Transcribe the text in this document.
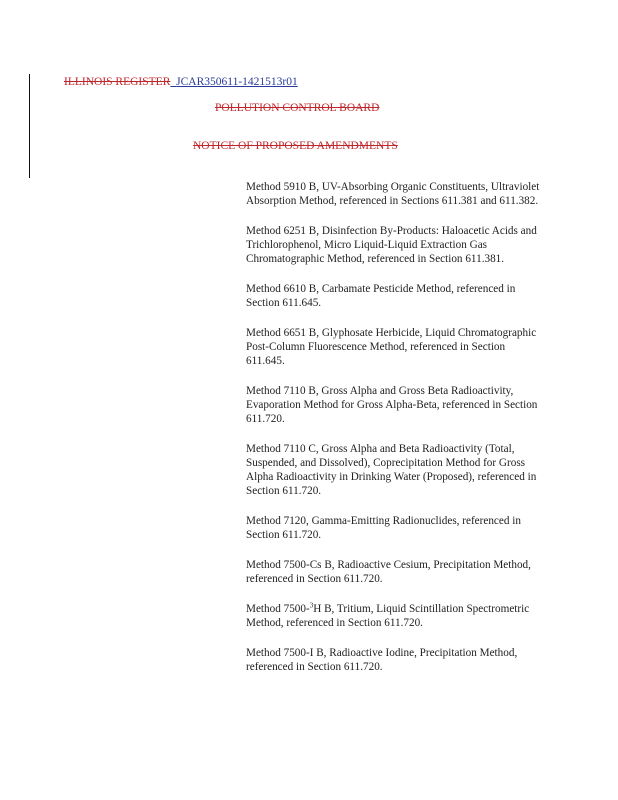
ILLINOIS REGISTER JCAR350611-1421513r01
POLLUTION CONTROL BOARD
NOTICE OF PROPOSED AMENDMENTS

Method 5910 B, UV-Absorbing Organic Constituents, Ultraviolet Absorption Method, referenced in Sections 611.381 and 611.382.

Method 6251 B, Disinfection By-Products: Haloacetic Acids and Trichlorophenol, Micro Liquid-Liquid Extraction Gas Chromatographic Method, referenced in Section 611.381.

Method 6610 B, Carbamate Pesticide Method, referenced in Section 611.645.

Method 6651 B, Glyphosate Herbicide, Liquid Chromatographic Post-Column Fluorescence Method, referenced in Section 611.645.

Method 7110 B, Gross Alpha and Gross Beta Radioactivity, Evaporation Method for Gross Alpha-Beta, referenced in Section 611.720.

Method 7110 C, Gross Alpha and Beta Radioactivity (Total, Suspended, and Dissolved), Coprecipitation Method for Gross Alpha Radioactivity in Drinking Water (Proposed), referenced in Section 611.720.

Method 7120, Gamma-Emitting Radionuclides, referenced in Section 611.720.

Method 7500-Cs B, Radioactive Cesium, Precipitation Method, referenced in Section 611.720.

Method 7500-$^3$H B, Tritium, Liquid Scintillation Spectrometric Method, referenced in Section 611.720.

Method 7500-I B, Radioactive Iodine, Precipitation Method, referenced in Section 611.720.
